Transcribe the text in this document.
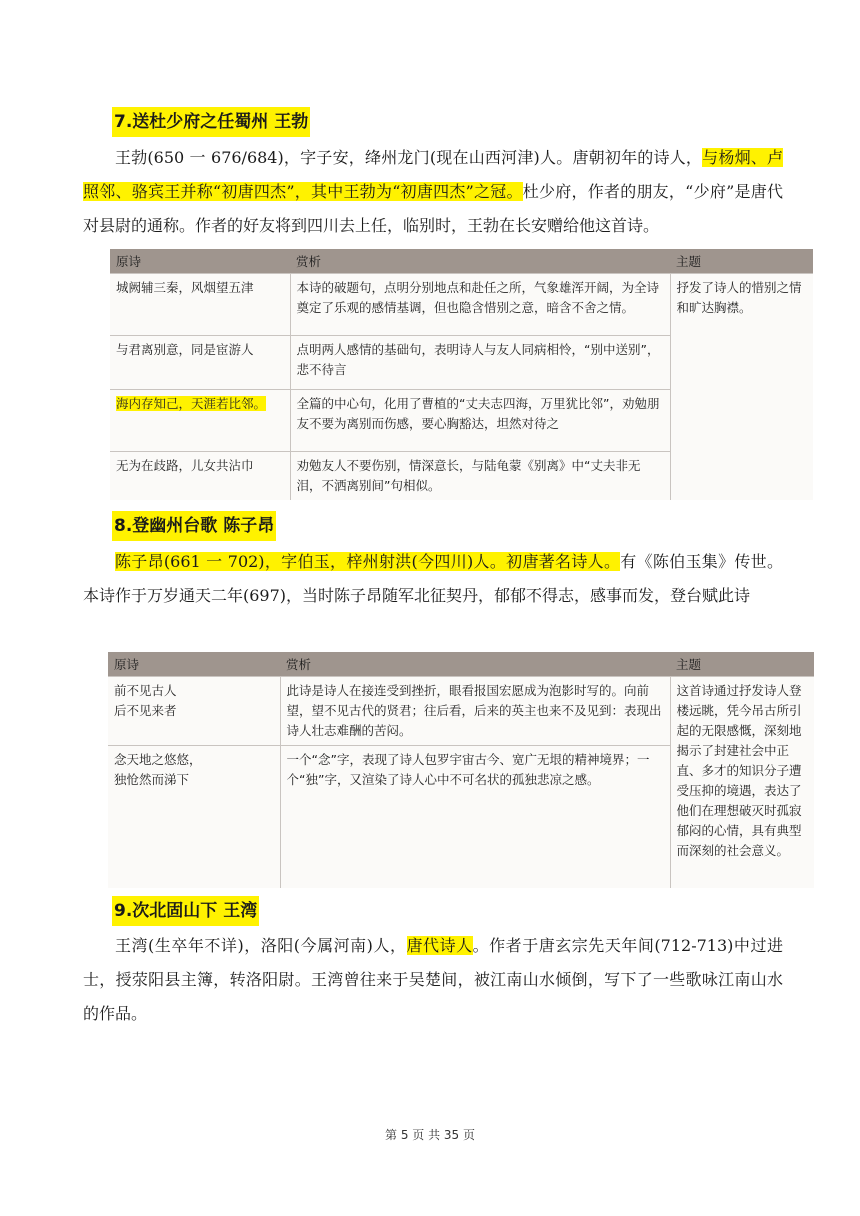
7.送杜少府之任蜀州 王勃

王勃(650 一 676/684)，字子安，绛州龙门(现在山西河津)人。唐朝初年的诗人，与杨炯、卢照邻、骆宾王并称“初唐四杰”，其中王勃为“初唐四杰”之冠。杜少府，作者的朋友，“少府”是唐代对县尉的通称。作者的好友将到四川去上任，临别时，王勃在长安赠给他这首诗。

原诗	赏析	主题
城阙辅三秦，风烟望五津	本诗的破题句，点明分别地点和赴任之所，气象雄浑开阔，为全诗奠定了乐观的感情基调，但也隐含惜别之意，暗含不舍之情。	抒发了诗人的惜别之情和旷达胸襟。
与君离别意，同是宦游人	点明两人感情的基础句，表明诗人与友人同病相怜，“别中送别”，悲不待言	
海内存知己，天涯若比邻。	全篇的中心句，化用了曹植的“丈夫志四海，万里犹比邻”，劝勉朋友不要为离别而伤感，要心胸豁达，坦然对待之	
无为在歧路，儿女共沾巾	劝勉友人不要伤别，情深意长，与陆龟蒙《别离》中“丈夫非无泪，不洒离别间”句相似。	
8.登幽州台歌 陈子昂

陈子昂(661 一 702)，字伯玉，梓州射洪(今四川)人。初唐著名诗人。有《陈伯玉集》传世。本诗作于万岁通天二年(697)，当时陈子昂随军北征契丹，郁郁不得志，感事而发，登台赋此诗

原诗	赏析	主题

前不见古人
后不见来者	此诗是诗人在接连受到挫折，眼看报国宏愿成为泡影时写的。向前望，望不见古代的贤君；往后看，后来的英主也来不及见到：表现出诗人壮志难酬的苦闷。	这首诗通过抒发诗人登楼远眺，凭今吊古所引起的无限感慨，深刻地揭示了封建社会中正直、多才的知识分子遭受压抑的境遇，表达了他们在理想破灭时孤寂郁闷的心情，具有典型而深刻的社会意义。

念天地之悠悠，
独怆然而涕下	一个“念”字，表现了诗人包罗宇宙古今、宽广无垠的精神境界；一个“独”字，又渲染了诗人心中不可名状的孤独悲凉之感。	
9.次北固山下 王湾

王湾(生卒年不详)，洛阳(今属河南)人，唐代诗人。作者于唐玄宗先天年间(712-713)中过进士，授荥阳县主簿，转洛阳尉。王湾曾往来于吴楚间，被江南山水倾倒，写下了一些歌咏江南山水的作品。

第 5 页 共 35 页
